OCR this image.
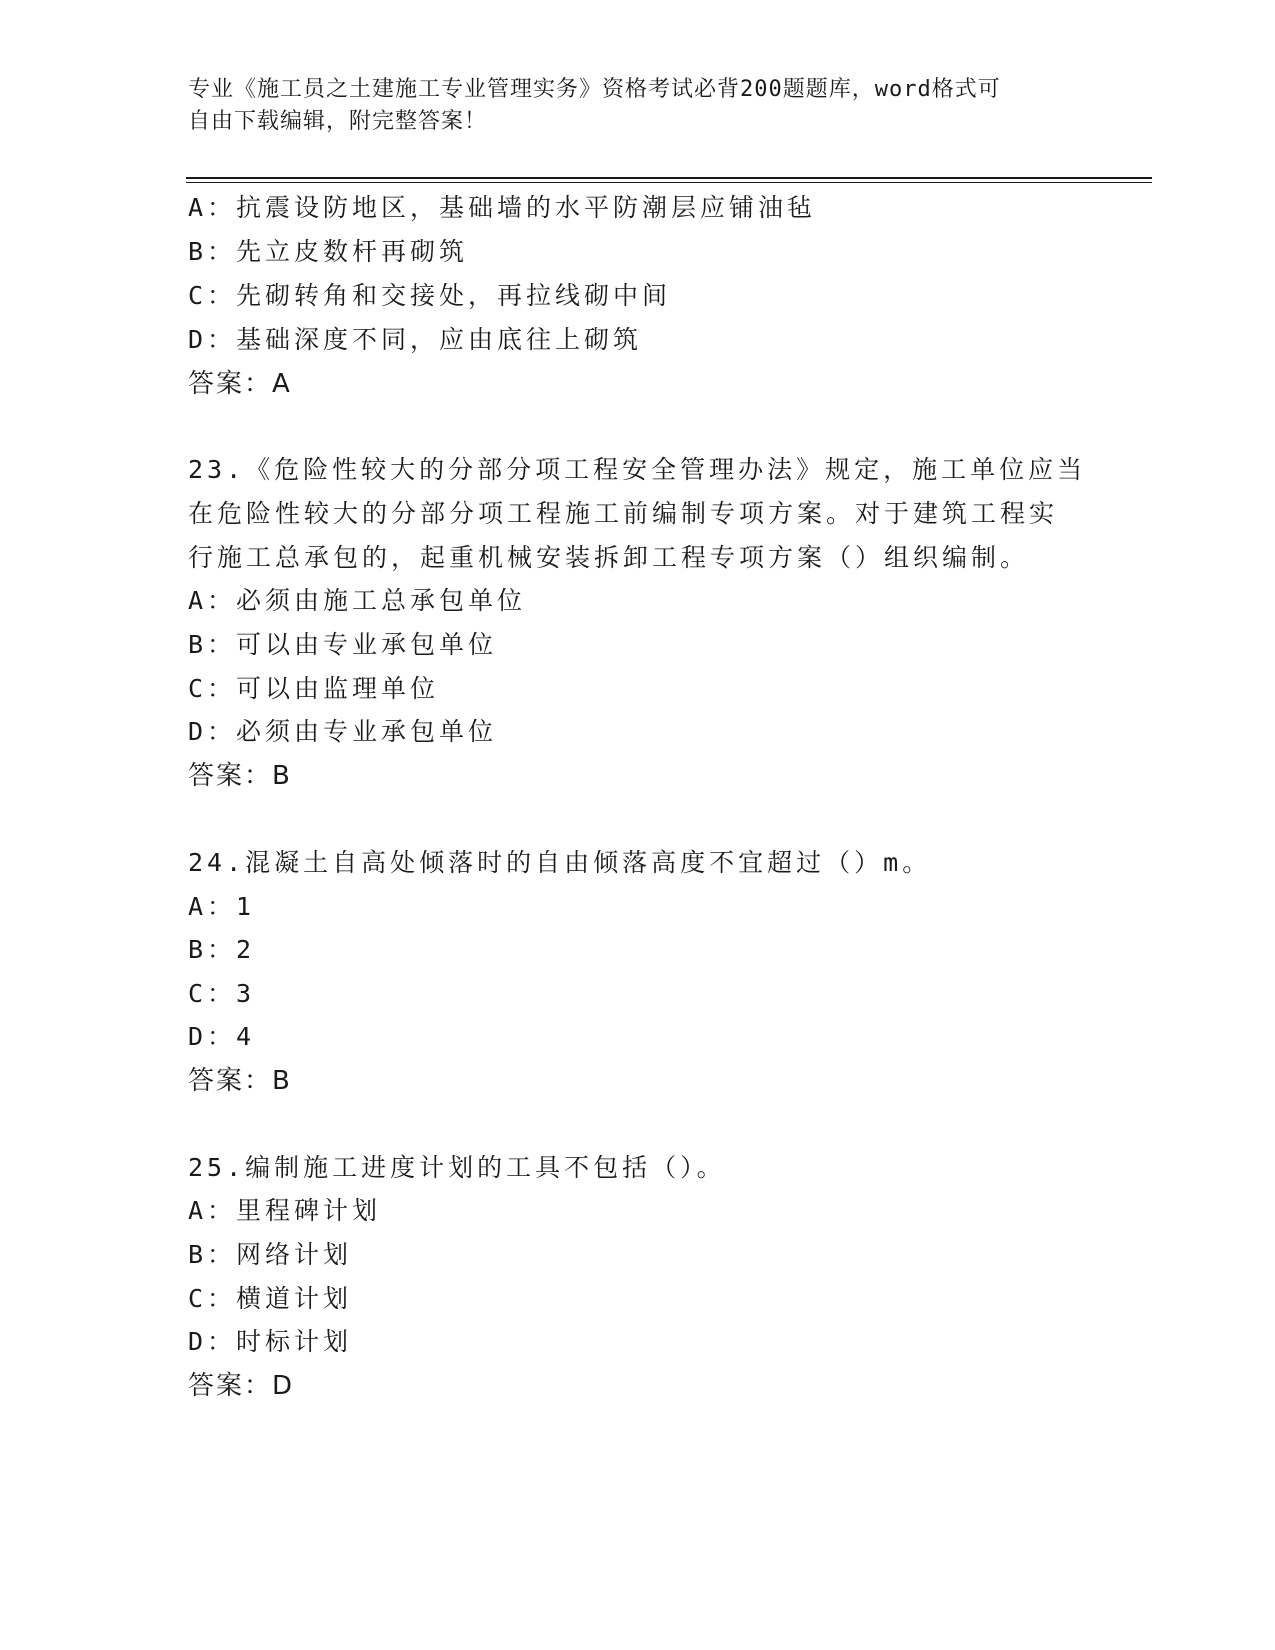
专业《施工员之土建施工专业管理实务》资格考试必背200题题库，word格式可
自由下载编辑，附完整答案！
A：抗震设防地区，基础墙的水平防潮层应铺油毡
B：先立皮数杆再砌筑
C：先砌转角和交接处，再拉线砌中间
D：基础深度不同，应由底往上砌筑
答案：A
23.《危险性较大的分部分项工程安全管理办法》规定，施工单位应当
在危险性较大的分部分项工程施工前编制专项方案。对于建筑工程实
行施工总承包的，起重机械安装拆卸工程专项方案（）组织编制。
A：必须由施工总承包单位
B：可以由专业承包单位
C：可以由监理单位
D：必须由专业承包单位
答案：B
24.混凝土自高处倾落时的自由倾落高度不宜超过（）m。
A：1
B：2
C：3
D：4
答案：B
25.编制施工进度计划的工具不包括（）。
A：里程碑计划
B：网络计划
C：横道计划
D：时标计划
答案：D
